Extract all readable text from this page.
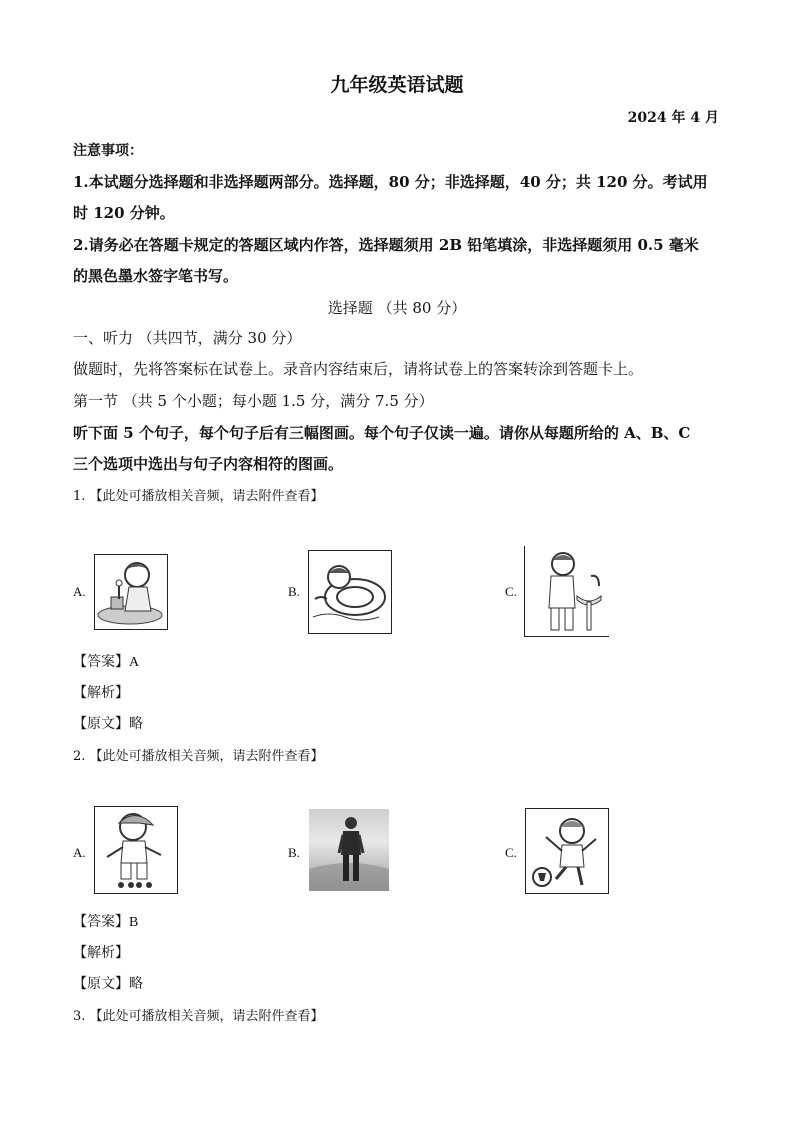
九年级英语试题
2024 年 4 月
注意事项：
1.本试题分选择题和非选择题两部分。选择题，80 分；非选择题，40 分；共 120 分。考试用
时 120 分钟。
2.请务必在答题卡规定的答题区域内作答，选择题须用 2B 铅笔填涂，非选择题须用 0.5 毫米
的黑色墨水签字笔书写。
选择题 （共 80 分）
一、听力 （共四节，满分 30 分）
做题时，先将答案标在试卷上。录音内容结束后，请将试卷上的答案转涂到答题卡上。
第一节 （共 5 个小题；每小题 1.5 分，满分 7.5 分）
听下面 5 个句子，每个句子后有三幅图画。每个句子仅读一遍。请你从每题所给的 A、B、C
三个选项中选出与句子内容相符的图画。
1. 【此处可播放相关音频，请去附件查看】
A.	B.	C.
【答案】A
【解析】
【原文】略
2. 【此处可播放相关音频，请去附件查看】
A.	B.	C.
【答案】B
【解析】
【原文】略
3. 【此处可播放相关音频，请去附件查看】
